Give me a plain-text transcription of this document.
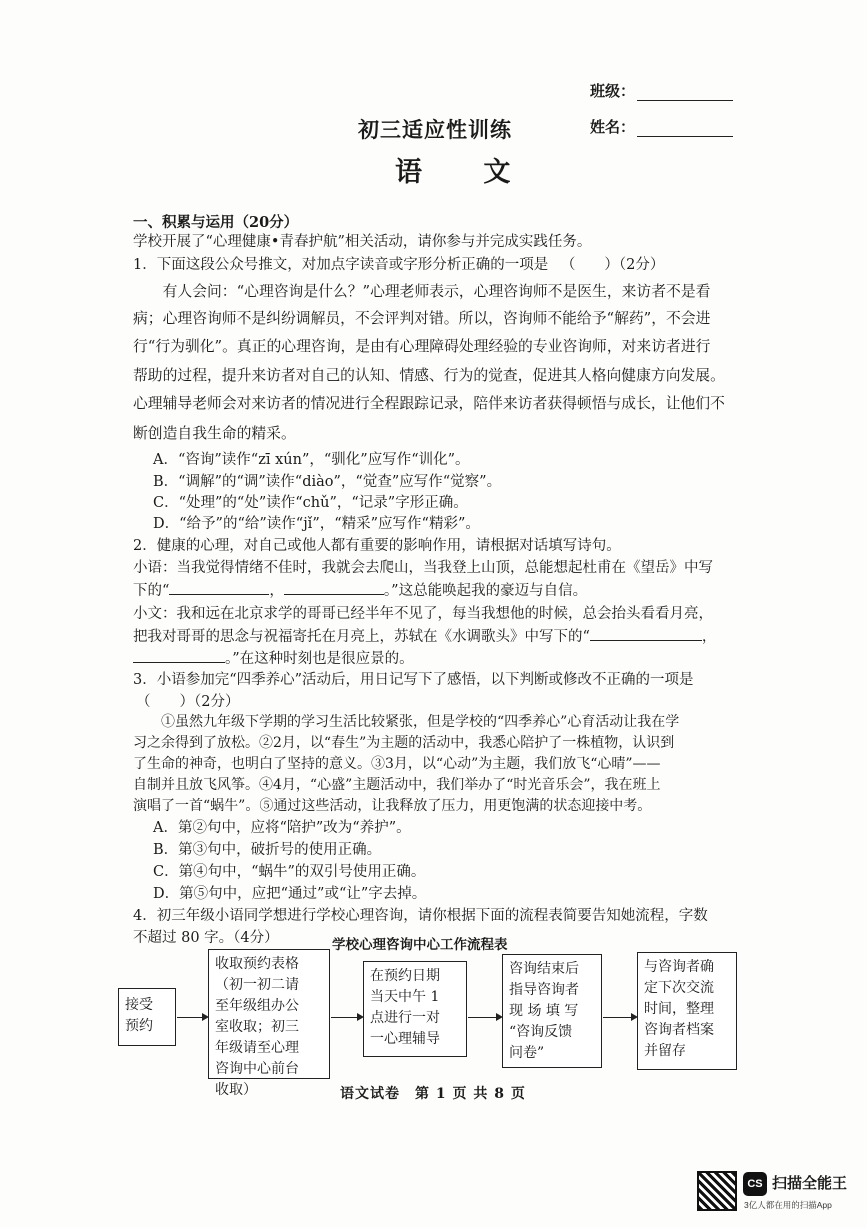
班级：
姓名：
初三适应性训练
语 文
一、积累与运用（20分）
学校开展了“心理健康•青春护航”相关活动，请你参与并完成实践任务。
1．下面这段公众号推文，对加点字读音或字形分析正确的一项是 （　　）（2分）
　　有人会问：“心理咨询是什么？”心理老师表示，心理咨询师不是医生，来访者不是看
病；心理咨询师不是纠纷调解员，不会评判对错。所以，咨询师不能给予“解药”，不会进
行“行为驯化”。真正的心理咨询，是由有心理障碍处理经验的专业咨询师，对来访者进行
帮助的过程，提升来访者对自己的认知、情感、行为的觉查，促进其人格向健康方向发展。
心理辅导老师会对来访者的情况进行全程跟踪记录，陪伴来访者获得顿悟与成长，让他们不
断创造自我生命的精采。
A．“咨询”读作“zī xún”，“驯化”应写作“训化”。
B．“调解”的“调”读作“diào”，“觉查”应写作“觉察”。
C．“处理”的“处”读作“chǔ”，“记录”字形正确。
D．“给予”的“给”读作“jǐ”，“精采”应写作“精彩”。
2．健康的心理，对自己或他人都有重要的影响作用，请根据对话填写诗句。
小语：当我觉得情绪不佳时，我就会去爬山，当我登上山顶，总能想起杜甫在《望岳》中写
下的“	，	。”这总能唤起我的豪迈与自信。
小文：我和远在北京求学的哥哥已经半年不见了，每当我想他的时候，总会抬头看看月亮，
把我对哥哥的思念与祝福寄托在月亮上，苏轼在《水调歌头》中写下的“	，
。”在这种时刻也是很应景的。
3．小语参加完“四季养心”活动后，用日记写下了感悟，以下判断或修改不正确的一项是
（　　）（2分）
　　①虽然九年级下学期的学习生活比较紧张，但是学校的“四季养心”心育活动让我在学
习之余得到了放松。②2月，以“春生”为主题的活动中，我悉心陪护了一株植物，认识到
了生命的神奇，也明白了坚持的意义。③3月，以“心动”为主题，我们放飞“心晴”——
自制并且放飞风筝。④4月，“心盛”主题活动中，我们举办了“时光音乐会”，我在班上
演唱了一首“蜗牛”。⑤通过这些活动，让我释放了压力，用更饱满的状态迎接中考。
A．第②句中，应将“陪护”改为“养护”。
B．第③句中，破折号的使用正确。
C．第④句中，“蜗牛”的双引号使用正确。
D．第⑤句中，应把“通过”或“让”字去掉。
4．初三年级小语同学想进行学校心理咨询，请你根据下面的流程表简要告知她流程，字数
不超过 80 字。（4分）	学校心理咨询中心工作流程表
接受
预约
收取预约表格
（初一初二请
至年级组办公
室收取；初三
年级请至心理
咨询中心前台
收取）
在预约日期
当天中午 1
点进行一对
一心理辅导
咨询结束后
指导咨询者
现 场 填 写
“咨询反馈
问卷”
与咨询者确
定下次交流
时间，整理
咨询者档案
并留存
语文试卷　第 1 页 共 8 页
CS 扫描全能王
3亿人都在用的扫描App
